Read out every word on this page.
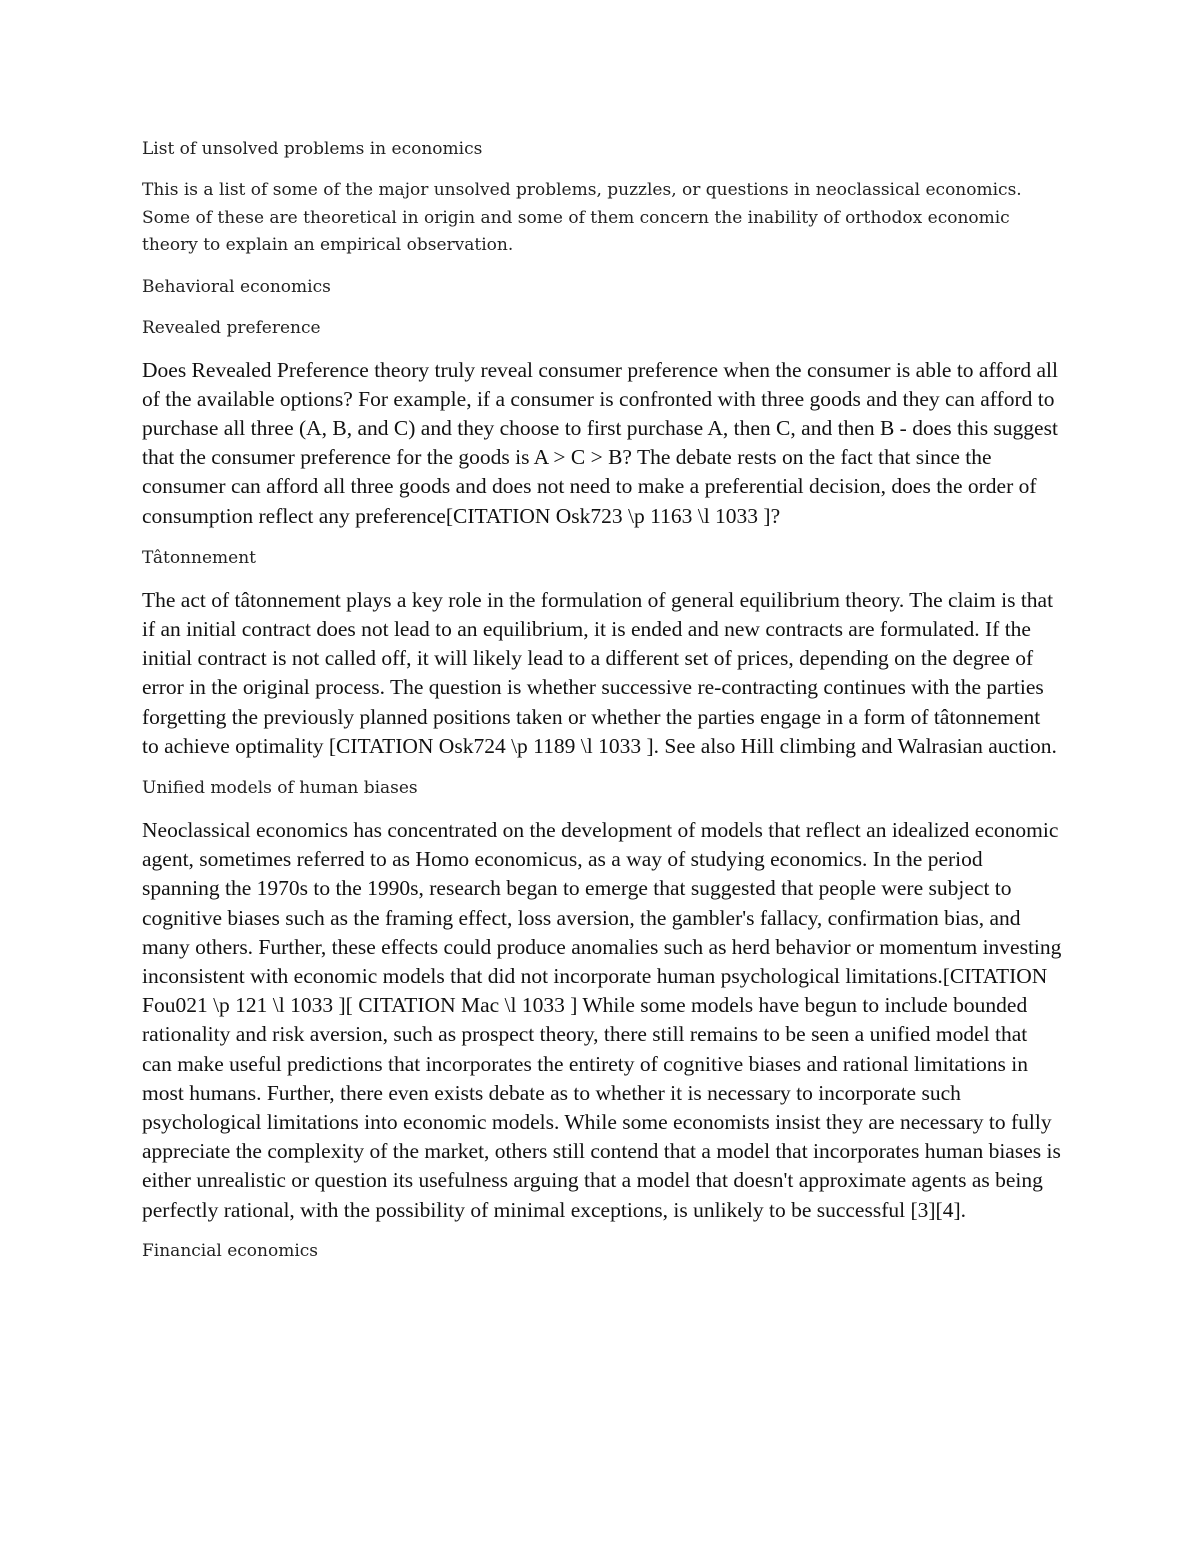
List of unsolved problems in economics

This is a list of some of the major unsolved problems, puzzles, or questions in neoclassical economics. Some of these are theoretical in origin and some of them concern the inability of orthodox economic theory to explain an empirical observation.

Behavioral economics

Revealed preference

Does Revealed Preference theory truly reveal consumer preference when the consumer is able to afford all of the available options? For example, if a consumer is confronted with three goods and they can afford to purchase all three (A, B, and C) and they choose to first purchase A, then C, and then B - does this suggest that the consumer preference for the goods is A > C > B? The debate rests on the fact that since the consumer can afford all three goods and does not need to make a preferential decision, does the order of consumption reflect any preference[CITATION Osk723 \p 1163 \l 1033 ]?

Tâtonnement

The act of tâtonnement plays a key role in the formulation of general equilibrium theory. The claim is that if an initial contract does not lead to an equilibrium, it is ended and new contracts are formulated. If the initial contract is not called off, it will likely lead to a different set of prices, depending on the degree of error in the original process. The question is whether successive re-contracting continues with the parties forgetting the previously planned positions taken or whether the parties engage in a form of tâtonnement to achieve optimality [CITATION Osk724 \p 1189 \l 1033 ]. See also Hill climbing and Walrasian auction.

Unified models of human biases

Neoclassical economics has concentrated on the development of models that reflect an idealized economic agent, sometimes referred to as Homo economicus, as a way of studying economics. In the period spanning the 1970s to the 1990s, research began to emerge that suggested that people were subject to cognitive biases such as the framing effect, loss aversion, the gambler's fallacy, confirmation bias, and many others. Further, these effects could produce anomalies such as herd behavior or momentum investing inconsistent with economic models that did not incorporate human psychological limitations.[CITATION Fou021 \p 121 \l 1033 ][ CITATION Mac \l 1033 ] While some models have begun to include bounded rationality and risk aversion, such as prospect theory, there still remains to be seen a unified model that can make useful predictions that incorporates the entirety of cognitive biases and rational limitations in most humans. Further, there even exists debate as to whether it is necessary to incorporate such psychological limitations into economic models. While some economists insist they are necessary to fully appreciate the complexity of the market, others still contend that a model that incorporates human biases is either unrealistic or question its usefulness arguing that a model that doesn't approximate agents as being perfectly rational, with the possibility of minimal exceptions, is unlikely to be successful [3][4].

Financial economics
